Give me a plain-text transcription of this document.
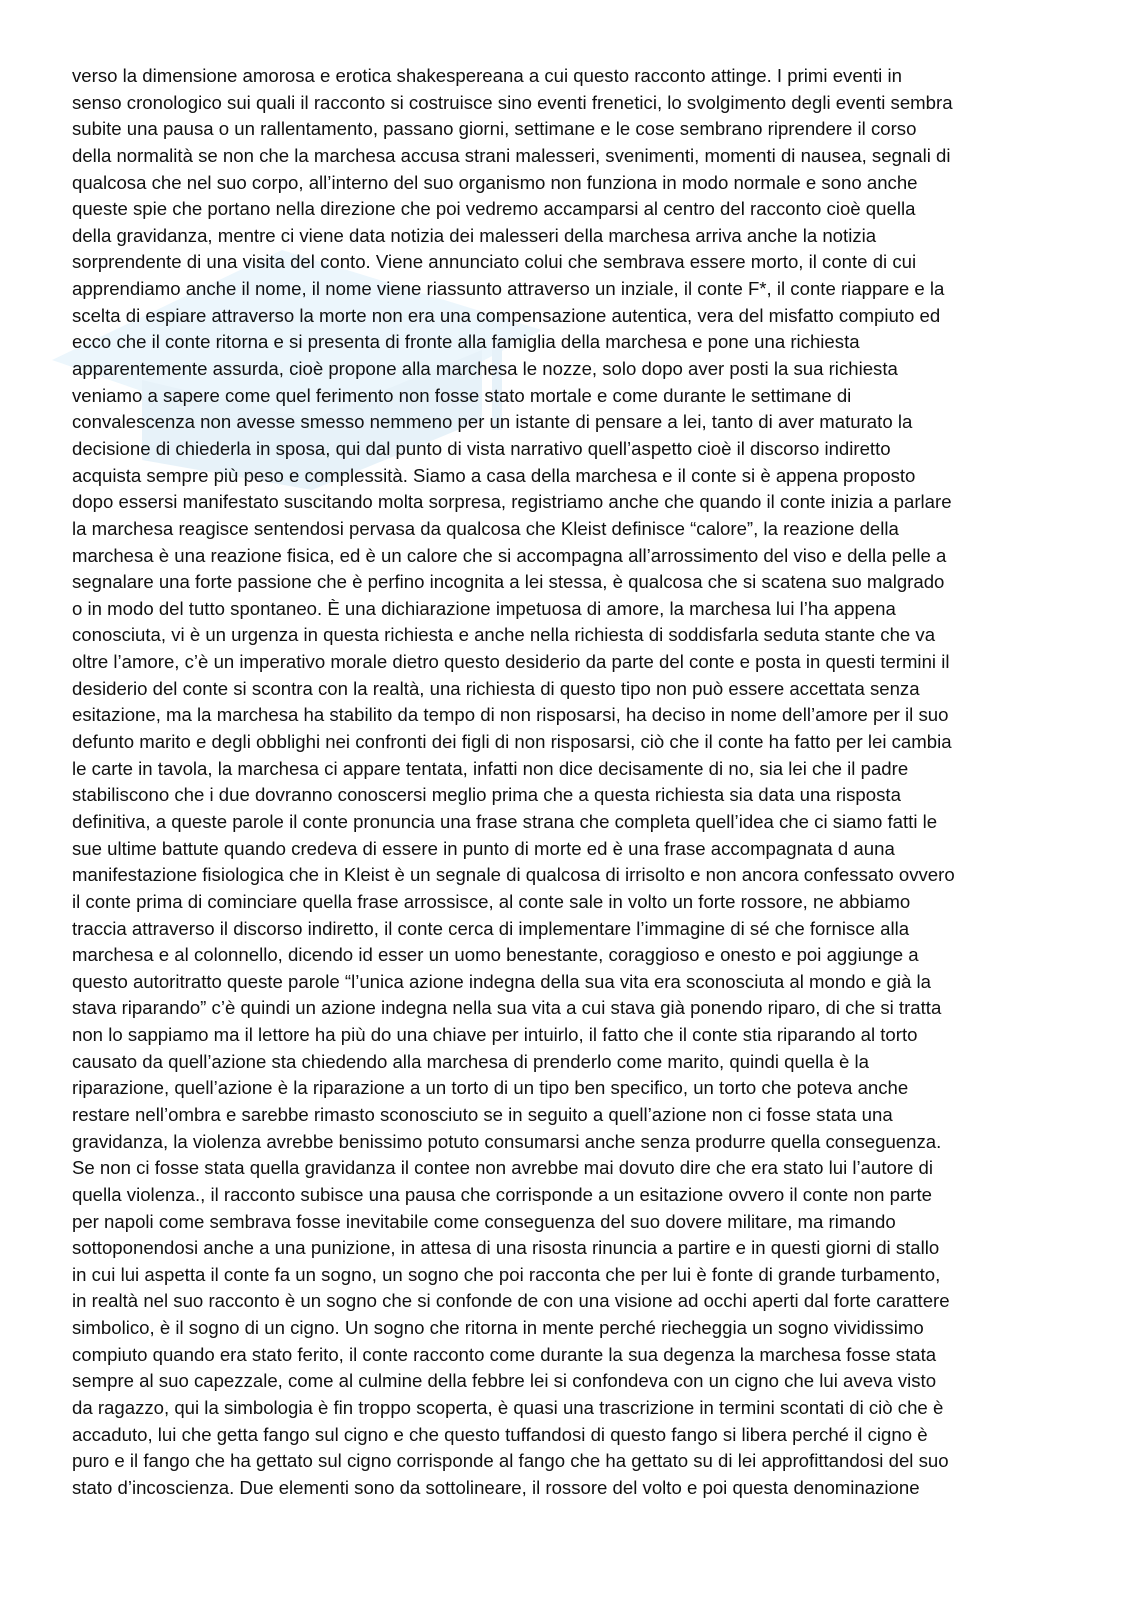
verso la dimensione amorosa e erotica shakespereana a cui questo racconto attinge. I primi eventi in
senso cronologico sui quali il racconto si costruisce sino eventi frenetici, lo svolgimento degli eventi sembra
subite una pausa o un rallentamento, passano giorni, settimane e le cose sembrano riprendere il corso
della normalità se non che la marchesa accusa strani malesseri, svenimenti, momenti di nausea, segnali di
qualcosa che nel suo corpo, all’interno del suo organismo non funziona in modo normale e sono anche
queste spie che portano nella direzione che poi vedremo accamparsi al centro del racconto cioè quella
della gravidanza, mentre ci viene data notizia dei malesseri della marchesa arriva anche la notizia
sorprendente di una visita del conto. Viene annunciato colui che sembrava essere morto, il conte di cui
apprendiamo anche il nome, il nome viene riassunto attraverso un inziale, il conte F*, il conte riappare e la
scelta di espiare attraverso la morte non era una compensazione autentica, vera del misfatto compiuto ed
ecco che il conte ritorna e si presenta di fronte alla famiglia della marchesa e pone una richiesta
apparentemente assurda, cioè propone alla marchesa le nozze, solo dopo aver posti la sua richiesta
veniamo a sapere come quel ferimento non fosse stato mortale e come durante le settimane di
convalescenza non avesse smesso nemmeno per un istante di pensare a lei, tanto di aver maturato la
decisione di chiederla in sposa, qui dal punto di vista narrativo quell’aspetto cioè il discorso indiretto
acquista sempre più peso e complessità. Siamo a casa della marchesa e il conte si è appena proposto
dopo essersi manifestato suscitando molta sorpresa, registriamo anche che quando il conte inizia a parlare
la marchesa reagisce sentendosi pervasa da qualcosa che Kleist definisce “calore”, la reazione della
marchesa è una reazione fisica, ed è un calore che si accompagna all’arrossimento del viso e della pelle a
segnalare una forte passione che è perfino incognita a lei stessa, è qualcosa che si scatena suo malgrado
o in modo del tutto spontaneo. È una dichiarazione impetuosa di amore, la marchesa lui l’ha appena
conosciuta, vi è un urgenza in questa richiesta e anche nella richiesta di soddisfarla seduta stante che va
oltre l’amore, c’è un imperativo morale dietro questo desiderio da parte del conte e posta in questi termini il
desiderio del conte si scontra con la realtà, una richiesta di questo tipo non può essere accettata senza
esitazione, ma la marchesa ha stabilito da tempo di non risposarsi, ha deciso in nome dell’amore per il suo
defunto marito e degli obblighi nei confronti dei figli di non risposarsi, ciò che il conte ha fatto per lei cambia
le carte in tavola, la marchesa ci appare tentata, infatti non dice decisamente di no, sia lei che il padre
stabiliscono che i due dovranno conoscersi meglio prima che a questa richiesta sia data una risposta
definitiva, a queste parole il conte pronuncia una frase strana che completa quell’idea che ci siamo fatti le
sue ultime battute quando credeva di essere in punto di morte ed è una frase accompagnata d auna
manifestazione fisiologica che in Kleist è un segnale di qualcosa di irrisolto e non ancora confessato ovvero
il conte prima di cominciare quella frase arrossisce, al conte sale in volto un forte rossore, ne abbiamo
traccia attraverso il discorso indiretto, il conte cerca di implementare l’immagine di sé che fornisce alla
marchesa e al colonnello, dicendo id esser un uomo benestante, coraggioso e onesto e poi aggiunge a
questo autoritratto queste parole “l’unica azione indegna della sua vita era sconosciuta al mondo e già la
stava riparando” c’è quindi un azione indegna nella sua vita a cui stava già ponendo riparo, di che si tratta
non lo sappiamo ma il lettore ha più do una chiave per intuirlo, il fatto che il conte stia riparando al torto
causato da quell’azione sta chiedendo alla marchesa di prenderlo come marito, quindi quella è la
riparazione, quell’azione è la riparazione a un torto di un tipo ben specifico, un torto che poteva anche
restare nell’ombra e sarebbe rimasto sconosciuto se in seguito a quell’azione non ci fosse stata una
gravidanza, la violenza avrebbe benissimo potuto consumarsi anche senza produrre quella conseguenza.
Se non ci fosse stata quella gravidanza il contee non avrebbe mai dovuto dire che era stato lui l’autore di
quella violenza., il racconto subisce una pausa che corrisponde a un esitazione ovvero il conte non parte
per napoli come sembrava fosse inevitabile come conseguenza del suo dovere militare, ma rimando
sottoponendosi anche a una punizione, in attesa di una risosta rinuncia a partire e in questi giorni di stallo
in cui lui aspetta il conte fa un sogno, un sogno che poi racconta che per lui è fonte di grande turbamento,
in realtà nel suo racconto è un sogno che si confonde de con una visione ad occhi aperti dal forte carattere
simbolico, è il sogno di un cigno. Un sogno che ritorna in mente perché riecheggia un sogno vividissimo
compiuto quando era stato ferito, il conte racconto come durante la sua degenza la marchesa fosse stata
sempre al suo capezzale, come al culmine della febbre lei si confondeva con un cigno che lui aveva visto
da ragazzo, qui la simbologia è fin troppo scoperta, è quasi una trascrizione in termini scontati di ciò che è
accaduto, lui che getta fango sul cigno e che questo tuffandosi di questo fango si libera perché il cigno è
puro e il fango che ha gettato sul cigno corrisponde al fango che ha gettato su di lei approfittandosi del suo
stato d’incoscienza. Due elementi sono da sottolineare, il rossore del volto e poi questa denominazione
